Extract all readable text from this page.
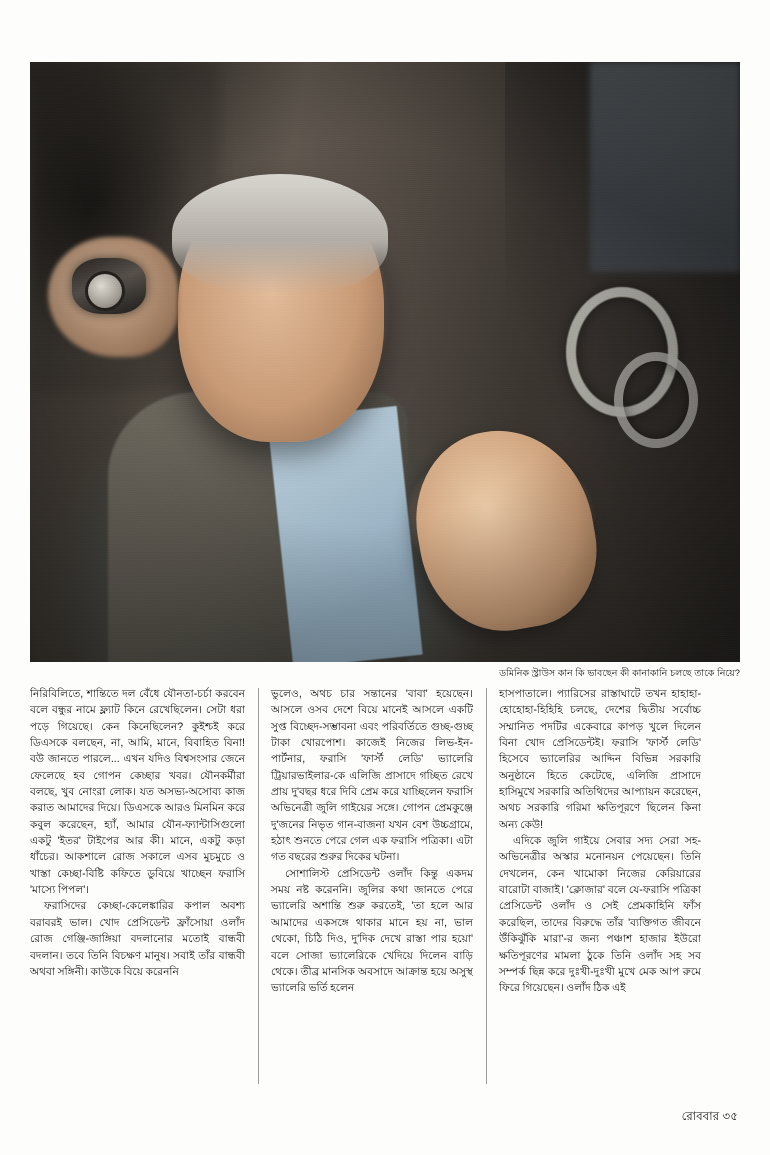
ডমিনিক স্ট্রাউস কান কি ভাবছেন কী কানাকানি চলছে তাকে নিয়ে?

নিরিবিলিতে, শান্তিতে দল বেঁধে যৌনতা-চর্চা করবেন বলে বন্ধুর নামে ফ্ল্যাট কিনে রেখেছিলেন। সেটা ধরা পড়ে গিয়েছে। কেন কিনেছিলেন? কুইশ্চই করে ডিএসকে বলছেন, না, আমি, মানে, বিবাহিত বিনা! বউ জানতে পারলে... এখন যদিও বিশ্বসংসার জেনে ফেলেছে হব গোপন কেচ্ছার খবর। যৌনকর্মীরা বলছে, খুব নোংরা লোক। যত অসভ্য-অসোব্য কাজ করাত আমাদের দিয়ে। ডিএসকে আরও মিনমিন করে কবুল করেছেন, হ্যাঁ, আমার যৌন-ফ্যান্টাসিগুলো একটু 'ইতর' টাইপের আর কী। মানে, একটু কড়া ধাঁচের। আকশালে রোজ সকালে এসব মুচমুচে ও খাস্তা কেচ্ছা-বিষ্টি কফিতে ডুবিয়ে খাচ্ছেন ফরাসি 'মাস্যে পিপল'।

ফরাসিদের কেচ্ছা-কেলেঙ্কারির কপাল অবশ্য বরাবরই ভাল। খোদ প্রেসিডেন্ট ফ্রাঁসোয়া ওলাঁদ রোজ গেঞ্জি-জাঙ্গিয়া বদলানোর মতোই বান্ধবী বদলান। তবে তিনি বিচক্ষণ মানুষ। সবাই তাঁর বান্ধবী অথবা সঙ্গিনী। কাউকে বিয়ে করেননি

ভুলেও, অথচ চার সন্তানের 'বাবা' হয়েছেন। আসলে ওসব দেশে বিয়ে মানেই আসলে একটি সুপ্ত বিচ্ছেদ-সম্ভাবনা এবং পরিবর্তিতে গুচ্ছ-গুচ্ছ টাকা খোরপোশ। কাজেই নিজের লিভ-ইন-পার্টনার, ফরাসি 'ফার্স্ট লেডি' ভ্যালেরি ট্রিয়ারভাইলার-কে এলিজি প্রাসাদে গচ্ছিত রেখে প্রায় দু'বছর ধরে দিবি প্রেম করে যাচ্ছিলেন ফরাসি অভিনেত্রী জুলি গাইয়ের সঙ্গে। গোপন প্রেমকুঞ্জে দু'জনের নিভৃত গান-বাজনা যখন বেশ উচ্চগ্রামে, হঠাৎ শুনতে পেরে গেল এক ফরাসি পত্রিকা। এটা গত বছরের শুরুর দিকের ঘটনা।

সোশালিস্ট প্রেসিডেন্ট ওলাঁদ কিন্তু একদম সময় নষ্ট করেননি। জুলির কথা জানতে পেরে ভ্যালেরি অশান্তি শুরু করতেই, 'তা হলে আর আমাদের একসঙ্গে থাকার মানে হয় না, ভাল থেকো, চিঠি দিও, দু'দিক দেখে রাস্তা পার হয়ো' বলে সোজা ভ্যালেরিকে খেদিয়ে দিলেন বাড়ি থেকে। তীব্র মানসিক অবসাদে আক্রান্ত হয়ে অসুস্থ ভ্যালেরি ভর্তি হলেন

হাসপাতালে। প্যারিসের রাস্তাঘাটে তখন হাহাহা-হোহোহা-হিহিহি চলছে, দেশের দ্বিতীয় সর্বোচ্চ সম্মানিত পদটির একেবারে কাপড় খুলে দিলেন বিনা খোদ প্রেসিডেন্টই। ফরাসি 'ফার্স্ট লেডি' হিসেবে ভ্যালেরির আদ্দিন বিভিন্ন সরকারি অনুষ্ঠানে হিতে কেটেছে, এলিজি প্রাসাদে হাসিমুখে সরকারি অতিথিদের আপ্যায়ন করেছেন, অথচ সরকারি গরিমা ক্ষতিপূরণে ছিলেন কিনা অন্য কেউ!

এদিকে জুলি গাইয়ে সেবার সদ্য সেরা সহ-অভিনেত্রীর অস্কার মনোনয়ন পেয়েছেন। তিনি দেখলেন, কেন খামোকা নিজের কেরিয়ারের বারোটা বাজাই। 'ক্লোজার' বলে যে-ফরাসি পত্রিকা প্রেসিডেন্ট ওলাঁদ ও সেই প্রেমকাহিনি ফাঁস করেছিল, তাদের বিরুদ্ধে তাঁর 'ব্যক্তিগত জীবনে উঁকিঝুঁকি মারা'-র জন্য পঞ্চাশ হাজার ইউরো ক্ষতিপূরণের মামলা ঠুকে তিনি ওলাঁদ সহ সব সম্পর্ক ছিন্ন করে দুঃখী-দুঃখী মুখে মেক আপ রুমে ফিরে গিয়েছেন। ওলাঁদ ঠিক এই

রোববার ৩৫
